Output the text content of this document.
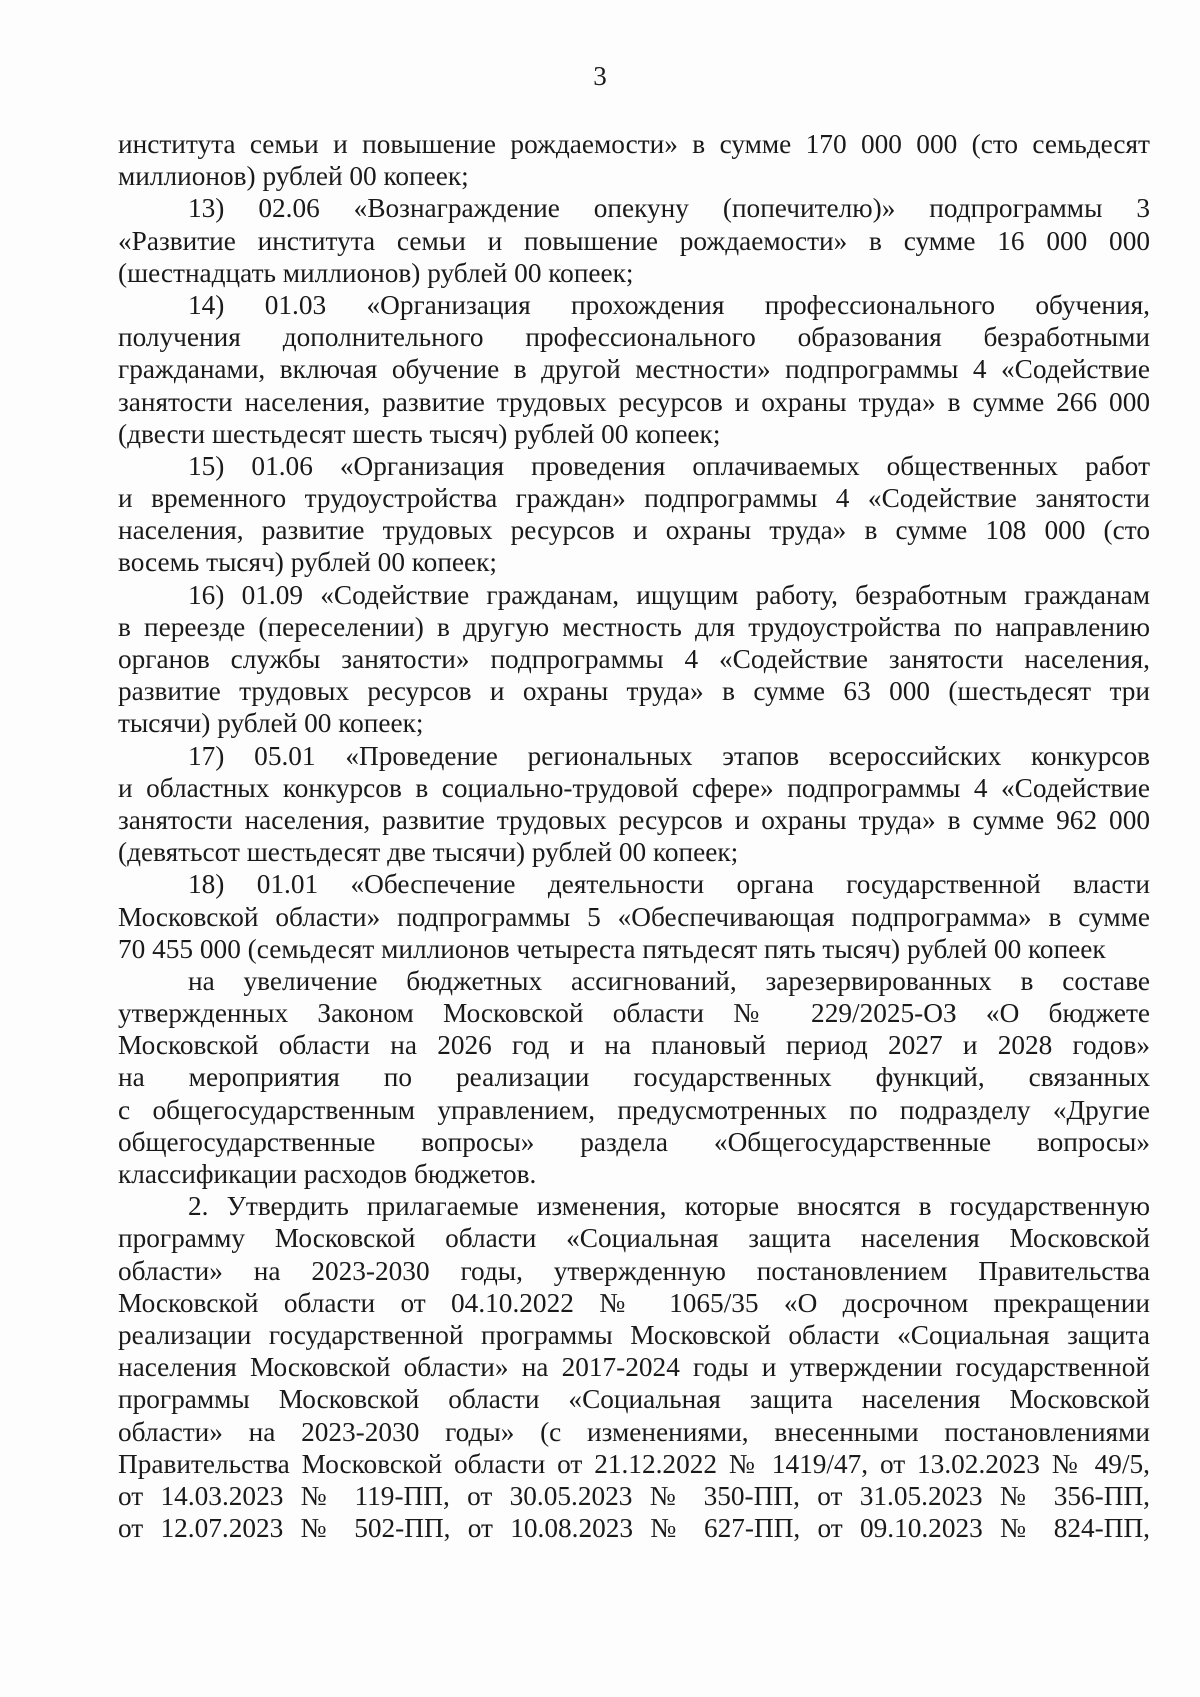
3
института семьи и повышение рождаемости» в сумме 170 000 000 (сто семьдесят
миллионов) рублей 00 копеек;
13) 02.06 «Вознаграждение опекуну (попечителю)» подпрограммы 3
«Развитие института семьи и повышение рождаемости» в сумме 16 000 000
(шестнадцать миллионов) рублей 00 копеек;
14) 01.03 «Организация прохождения профессионального обучения,
получения дополнительного профессионального образования безработными
гражданами, включая обучение в другой местности» подпрограммы 4 «Содействие
занятости населения, развитие трудовых ресурсов и охраны труда» в сумме 266 000
(двести шестьдесят шесть тысяч) рублей 00 копеек;
15) 01.06 «Организация проведения оплачиваемых общественных работ
и временного трудоустройства граждан» подпрограммы 4 «Содействие занятости
населения, развитие трудовых ресурсов и охраны труда» в сумме 108 000 (сто
восемь тысяч) рублей 00 копеек;
16) 01.09 «Содействие гражданам, ищущим работу, безработным гражданам
в переезде (переселении) в другую местность для трудоустройства по направлению
органов службы занятости» подпрограммы 4 «Содействие занятости населения,
развитие трудовых ресурсов и охраны труда» в сумме 63 000 (шестьдесят три
тысячи) рублей 00 копеек;
17) 05.01 «Проведение региональных этапов всероссийских конкурсов
и областных конкурсов в социально-трудовой сфере» подпрограммы 4 «Содействие
занятости населения, развитие трудовых ресурсов и охраны труда» в сумме 962 000
(девятьсот шестьдесят две тысячи) рублей 00 копеек;
18) 01.01 «Обеспечение деятельности органа государственной власти
Московской области» подпрограммы 5 «Обеспечивающая подпрограмма» в сумме
70 455 000 (семьдесят миллионов четыреста пятьдесят пять тысяч) рублей 00 копеек
на увеличение бюджетных ассигнований, зарезервированных в составе
утвержденных Законом Московской области № 229/2025-ОЗ «О бюджете
Московской области на 2026 год и на плановый период 2027 и 2028 годов»
на мероприятия по реализации государственных функций, связанных
с общегосударственным управлением, предусмотренных по подразделу «Другие
общегосударственные вопросы» раздела «Общегосударственные вопросы»
классификации расходов бюджетов.
2. Утвердить прилагаемые изменения, которые вносятся в государственную
программу Московской области «Социальная защита населения Московской
области» на 2023-2030 годы, утвержденную постановлением Правительства
Московской области от 04.10.2022 № 1065/35 «О досрочном прекращении
реализации государственной программы Московской области «Социальная защита
населения Московской области» на 2017-2024 годы и утверждении государственной
программы Московской области «Социальная защита населения Московской
области» на 2023-2030 годы» (с изменениями, внесенными постановлениями
Правительства Московской области от 21.12.2022 № 1419/47, от 13.02.2023 № 49/5,
от 14.03.2023 № 119-ПП, от 30.05.2023 № 350-ПП, от 31.05.2023 № 356-ПП,
от 12.07.2023 № 502-ПП, от 10.08.2023 № 627-ПП, от 09.10.2023 № 824-ПП,
